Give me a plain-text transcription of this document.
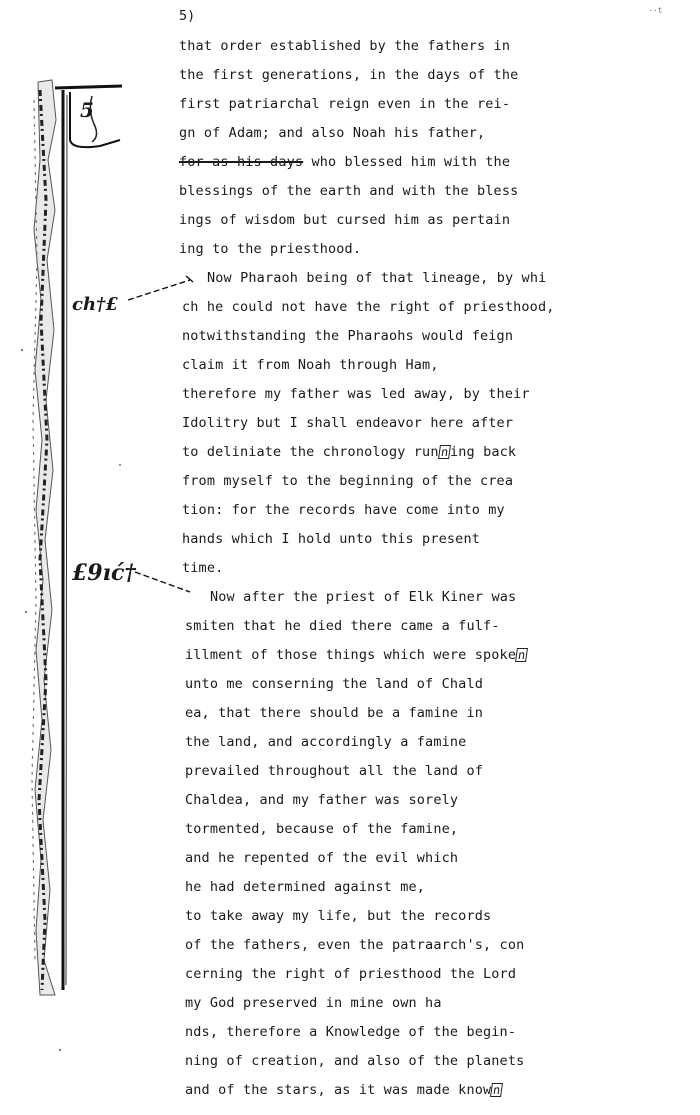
5)	··t
5
ch†£
£9ıć†
that order established by the fathers in
the first generations, in the days of the
first patriarchal reign even in the rei-
gn of Adam; and also Noah his father,
for as his days who blessed him with the
blessings of the earth and with the bless
ings of wisdom but cursed him as pertain
ing to the priesthood.
Now Pharaoh being of that lineage, by whi
ch he could not have the right of priesthood,
notwithstanding the Pharaohs would feign
claim it from Noah through Ham,
therefore my father was led away, by their
Idolitry but I shall endeavor here after
to deliniate the chronology running back
from myself to the beginning of the crea
tion: for the records have come into my
hands which I hold unto this present
time.
Now after the priest of Elk Kiner was
smiten that he died there came a fulf-
illment of those things which were spoken
unto me conserning the land of Chald
ea, that there should be a famine in
the land, and accordingly a famine
prevailed throughout all the land of
Chaldea, and my father was sorely
tormented, because of the famine,
and he repented of the evil which
he had determined against me,
to take away my life, but the records
of the fathers, even the patraarch's, con
cerning the right of priesthood the Lord
my God preserved in mine own ha
nds, therefore a Knowledge of the begin-
ning of creation, and also of the planets
and of the stars, as it was made known
